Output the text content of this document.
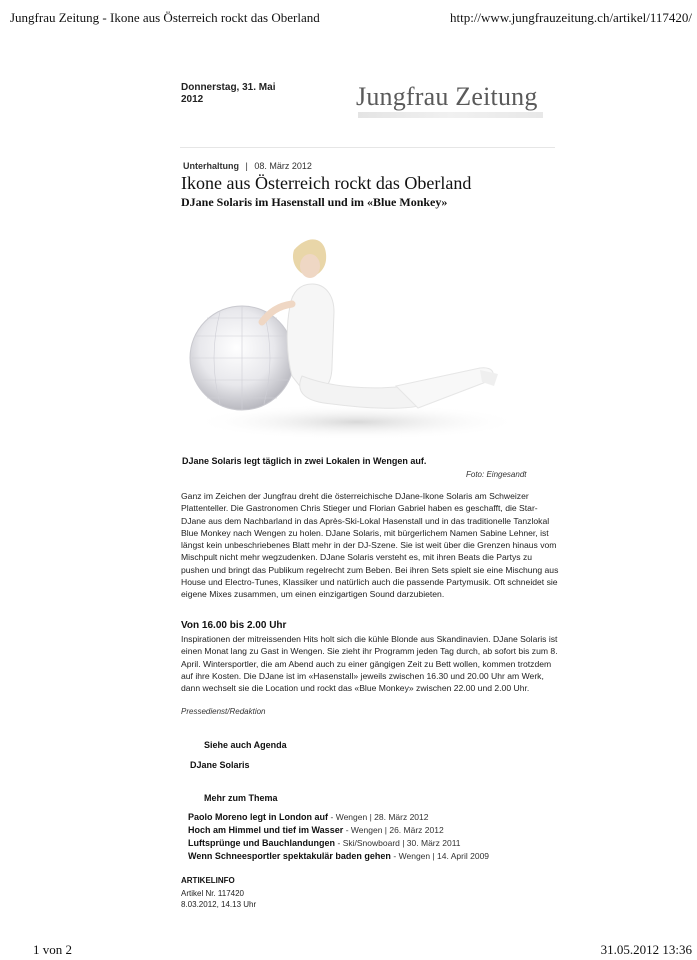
Jungfrau Zeitung - Ikone aus Österreich rockt das Oberland	http://www.jungfrauzeitung.ch/artikel/117420/
Donnerstag, 31. Mai
2012	Jungfrau Zeitung
Unterhaltung | 08. März 2012
Ikone aus Österreich rockt das Oberland
DJane Solaris im Hasenstall und im «Blue Monkey»
DJane Solaris legt täglich in zwei Lokalen in Wengen auf.
Foto: Eingesandt

Ganz im Zeichen der Jungfrau dreht die österreichische DJane-Ikone Solaris am Schweizer Plattenteller. Die Gastronomen Chris Stieger und Florian Gabriel haben es geschafft, die Star-DJane aus dem Nachbarland in das Après-Ski-Lokal Hasenstall und in das traditionelle Tanzlokal Blue Monkey nach Wengen zu holen. DJane Solaris, mit bürgerlichem Namen Sabine Lehner, ist längst kein unbeschriebenes Blatt mehr in der DJ-Szene. Sie ist weit über die Grenzen hinaus vom Mischpult nicht mehr wegzudenken. DJane Solaris versteht es, mit ihren Beats die Partys zu pushen und bringt das Publikum regelrecht zum Beben. Bei ihren Sets spielt sie eine Mischung aus House und Electro-Tunes, Klassiker und natürlich auch die passende Partymusik. Oft schneidet sie eigene Mixes zusammen, um einen einzigartigen Sound darzubieten.

Von 16.00 bis 2.00 Uhr

Inspirationen der mitreissenden Hits holt sich die kühle Blonde aus Skandinavien. DJane Solaris ist einen Monat lang zu Gast in Wengen. Sie zieht ihr Programm jeden Tag durch, ab sofort bis zum 8. April. Wintersportler, die am Abend auch zu einer gängigen Zeit zu Bett wollen, kommen trotzdem auf ihre Kosten. Die DJane ist im «Hasenstall» jeweils zwischen 16.30 und 20.00 Uhr am Werk, dann wechselt sie die Location und rockt das «Blue Monkey» zwischen 22.00 und 2.00 Uhr.

Pressedienst/Redaktion
Siehe auch Agenda
DJane Solaris
Mehr zum Thema
Paolo Moreno legt in London auf - Wengen | 28. März 2012
Hoch am Himmel und tief im Wasser - Wengen | 26. März 2012
Luftsprünge und Bauchlandungen - Ski/Snowboard | 30. März 2011
Wenn Schneesportler spektakulär baden gehen - Wengen | 14. April 2009
ARTIKELINFO
Artikel Nr. 117420
8.03.2012, 14.13 Uhr
1 von 2	31.05.2012 13:36
